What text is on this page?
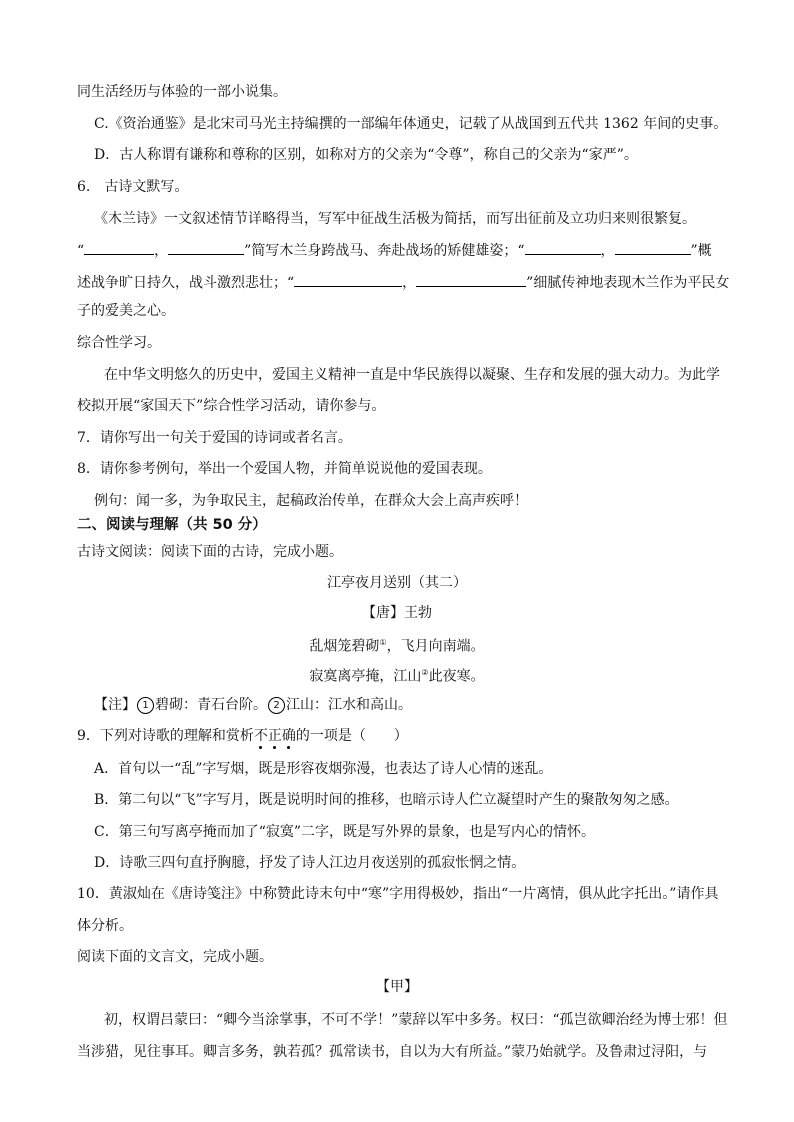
同生活经历与体验的一部小说集。
C.《资治通鉴》是北宋司马光主持编撰的一部编年体通史，记载了从战国到五代共 1362 年间的史事。
D．古人称谓有谦称和尊称的区别，如称对方的父亲为“令尊”，称自己的父亲为“家严”。
6.　古诗文默写。
《木兰诗》一文叙述情节详略得当，写军中征战生活极为简括，而写出征前及立功归来则很繁复。
“	，	”简写木兰身跨战马、奔赴战场的矫健雄姿；“	，	”概
述战争旷日持久，战斗激烈悲壮；“	，	”细腻传神地表现木兰作为平民女
子的爱美之心。
综合性学习。
在中华文明悠久的历史中，爱国主义精神一直是中华民族得以凝聚、生存和发展的强大动力。为此学
校拟开展“家国天下”综合性学习活动，请你参与。
7．请你写出一句关于爱国的诗词或者名言。
8．请你参考例句，举出一个爱国人物，并简单说说他的爱国表现。
例句：闻一多，为争取民主，起稿政治传单，在群众大会上高声疾呼！
二、阅读与理解（共 50 分）
古诗文阅读：阅读下面的古诗，完成小题。
江亭夜月送别（其二）
【唐】王勃
乱烟笼碧砌①，飞月向南端。
寂寞离亭掩，江山②此夜寒。
【注】 1 碧砌：青石台阶。 2 江山：江水和高山。
9．下列对诗歌的理解和赏析不正确的一项是（　　）
A．首句以一“乱”字写烟，既是形容夜烟弥漫，也表达了诗人心情的迷乱。
B．第二句以“飞”字写月，既是说明时间的推移，也暗示诗人伫立凝望时产生的聚散匆匆之感。
C．第三句写离亭掩而加了“寂寞”二字，既是写外界的景象，也是写内心的情怀。
D．诗歌三四句直抒胸臆，抒发了诗人江边月夜送别的孤寂怅惘之情。
10．黄淑灿在《唐诗笺注》中称赞此诗末句中“寒”字用得极妙，指出“一片离情，俱从此字托出。”请作具
体分析。
阅读下面的文言文，完成小题。
【甲】
初，权谓吕蒙曰：“卿今当涂掌事，不可不学！”蒙辞以军中多务。权曰：“孤岂欲卿治经为博士邪！但
当涉猎，见往事耳。卿言多务，孰若孤？孤常读书，自以为大有所益。”蒙乃始就学。及鲁肃过浔阳，与
